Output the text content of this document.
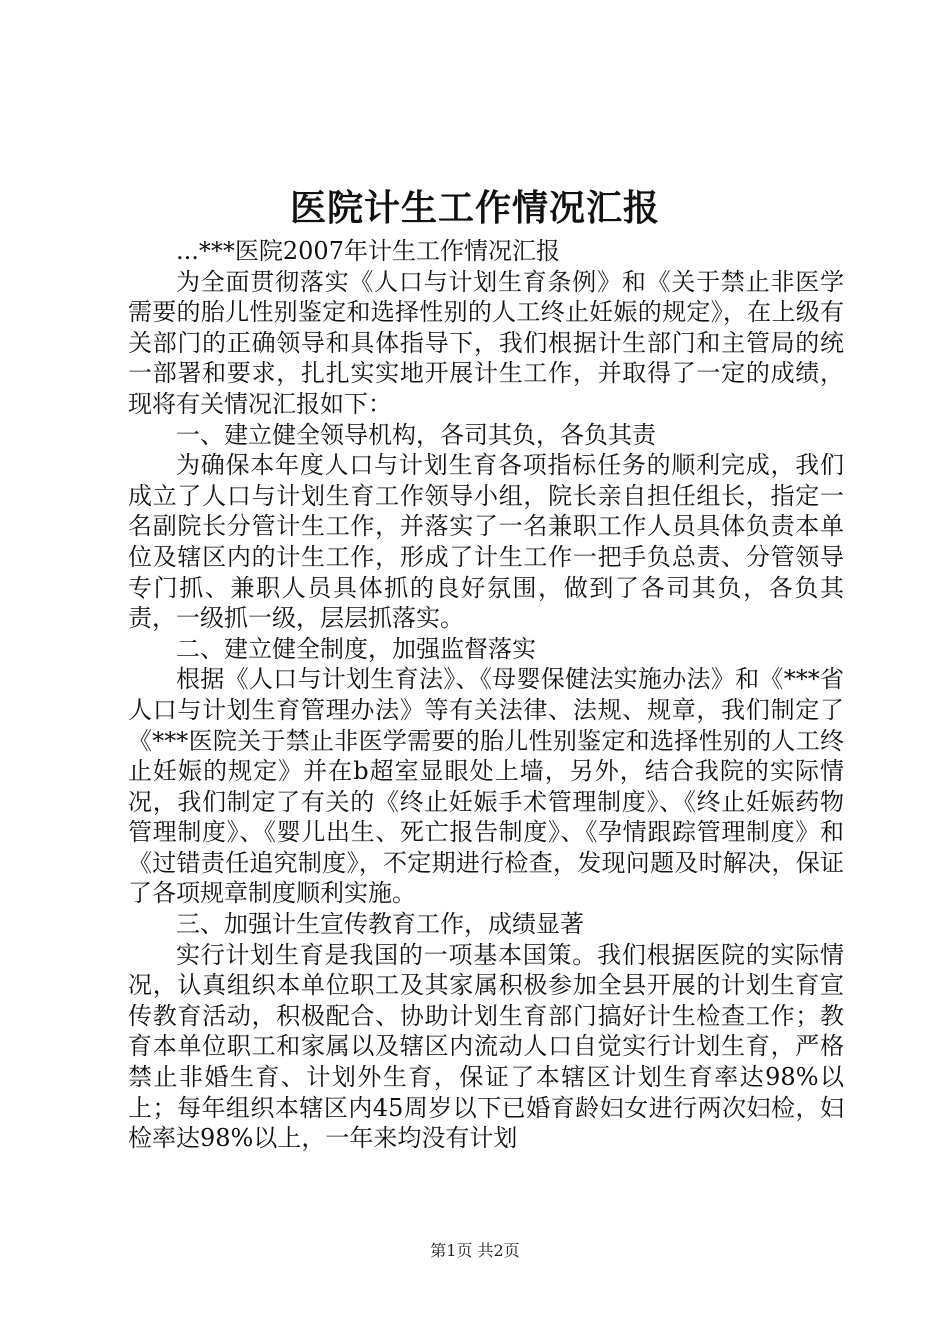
医院计生工作情况汇报

...***医院2007年计生工作情况汇报

为全面贯彻落实《人口与计划生育条例》和《关于禁止非医学需要的胎儿性别鉴定和选择性别的人工终止妊娠的规定》，在上级有关部门的正确领导和具体指导下，我们根据计生部门和主管局的统一部署和要求，扎扎实实地开展计生工作，并取得了一定的成绩，现将有关情况汇报如下：

一、建立健全领导机构，各司其负，各负其责

为确保本年度人口与计划生育各项指标任务的顺利完成，我们成立了人口与计划生育工作领导小组，院长亲自担任组长，指定一名副院长分管计生工作，并落实了一名兼职工作人员具体负责本单位及辖区内的计生工作，形成了计生工作一把手负总责、分管领导专门抓、兼职人员具体抓的良好氛围，做到了各司其负，各负其责，一级抓一级，层层抓落实。

二、建立健全制度，加强监督落实

根据《人口与计划生育法》、《母婴保健法实施办法》和《***省人口与计划生育管理办法》等有关法律、法规、规章，我们制定了《***医院关于禁止非医学需要的胎儿性别鉴定和选择性别的人工终止妊娠的规定》并在b超室显眼处上墙，另外，结合我院的实际情况，我们制定了有关的《终止妊娠手术管理制度》、《终止妊娠药物管理制度》、《婴儿出生、死亡报告制度》、《孕情跟踪管理制度》和《过错责任追究制度》，不定期进行检查，发现问题及时解决，保证了各项规章制度顺利实施。

三、加强计生宣传教育工作，成绩显著

实行计划生育是我国的一项基本国策。我们根据医院的实际情况，认真组织本单位职工及其家属积极参加全县开展的计划生育宣传教育活动，积极配合、协助计划生育部门搞好计生检查工作；教育本单位职工和家属以及辖区内流动人口自觉实行计划生育，严格禁止非婚生育、计划外生育，保证了本辖区计划生育率达98%以上；每年组织本辖区内45周岁以下已婚育龄妇女进行两次妇检，妇检率达98%以上，一年来均没有计划

第1页 共2页
